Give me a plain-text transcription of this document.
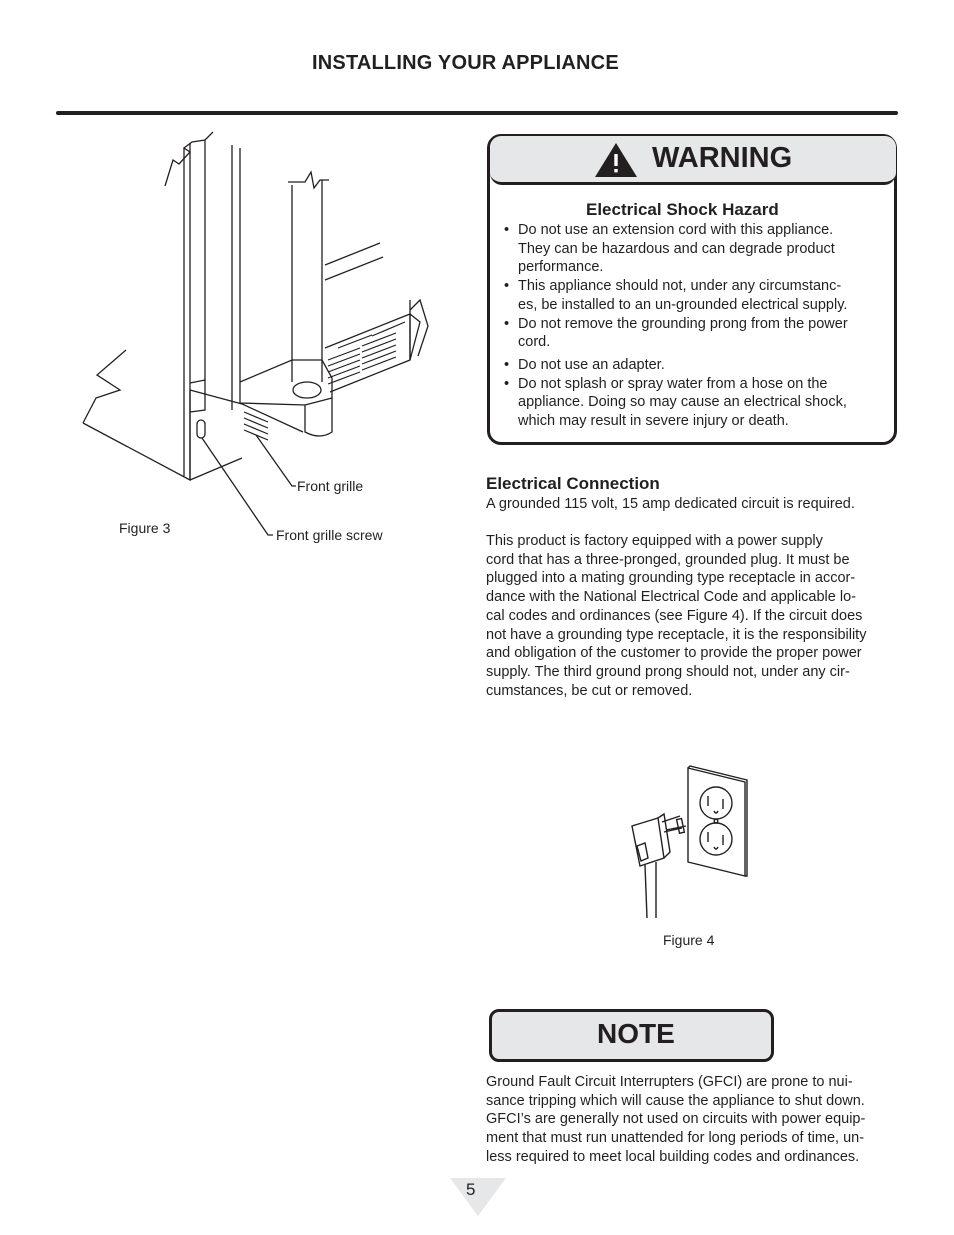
INSTALLING YOUR APPLIANCE
Front grille
Front grille screw
Figure 3
WARNING
Electrical Shock Hazard
• Do not use an extension cord with this appliance.
They can be hazardous and can degrade product
performance.
• This appliance should not, under any circumstanc-
es, be installed to an un-grounded electrical supply.
• Do not remove the grounding prong from the power
cord.
• Do not use an adapter.
• Do not splash or spray water from a hose on the
appliance. Doing so may cause an electrical shock,
which may result in severe injury or death.
Electrical Connection
A grounded 115 volt, 15 amp dedicated circuit is required.
This product is factory equipped with a power supply
cord that has a three-pronged, grounded plug. It must be
plugged into a mating grounding type receptacle in accor-
dance with the National Electrical Code and applicable lo-
cal codes and ordinances (see Figure 4). If the circuit does
not have a grounding type receptacle, it is the responsibility
and obligation of the customer to provide the proper power
supply. The third ground prong should not, under any cir-
cumstances, be cut or removed.
Figure 4
NOTE
Ground Fault Circuit Interrupters (GFCI) are prone to nui-
sance tripping which will cause the appliance to shut down.
GFCI’s are generally not used on circuits with power equip-
ment that must run unattended for long periods of time, un-
less required to meet local building codes and ordinances.
5
